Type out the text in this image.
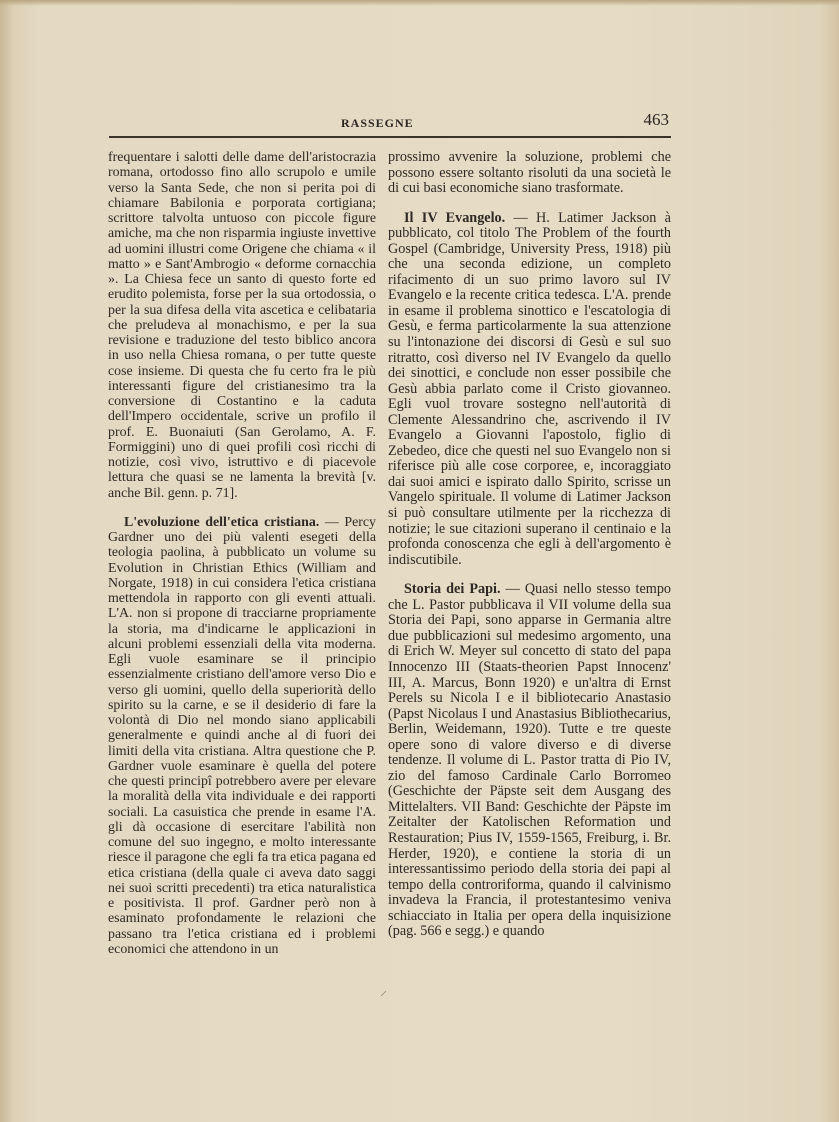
RASSEGNE	463

frequentare i salotti delle dame dell'aristocrazia romana, ortodosso fino allo scrupolo e umile verso la Santa Sede, che non si perita poi di chiamare Babilonia e porporata cortigiana; scrittore talvolta untuoso con piccole figure amiche, ma che non risparmia ingiuste invettive ad uomini illustri come Origene che chiama « il matto » e Sant'Ambrogio « deforme cornacchia ». La Chiesa fece un santo di questo forte ed erudito polemista, forse per la sua ortodossia, o per la sua difesa della vita ascetica e celibataria che preludeva al monachismo, e per la sua revisione e traduzione del testo biblico ancora in uso nella Chiesa romana, o per tutte queste cose insieme. Di questa che fu certo fra le più interessanti figure del cristianesimo tra la conversione di Costantino e la caduta dell'Impero occidentale, scrive un profilo il prof. E. Buonaiuti (San Gerolamo, A. F. Formiggini) uno di quei profili così ricchi di notizie, così vivo, istruttivo e di piacevole lettura che quasi se ne lamenta la brevità [v. anche Bil. genn. p. 71].

L'evoluzione dell'etica cristiana. — Percy Gardner uno dei più valenti esegeti della teologia paolina, à pubblicato un volume su Evolution in Christian Ethics (William and Norgate, 1918) in cui considera l'etica cristiana mettendola in rapporto con gli eventi attuali. L'A. non si propone di tracciarne propriamente la storia, ma d'indicarne le applicazioni in alcuni problemi essenziali della vita moderna. Egli vuole esaminare se il principio essenzialmente cristiano dell'amore verso Dio e verso gli uomini, quello della superiorità dello spirito su la carne, e se il desiderio di fare la volontà di Dio nel mondo siano applicabili generalmente e quindi anche al di fuori dei limiti della vita cristiana. Altra questione che P. Gardner vuole esaminare è quella del potere che questi principî potrebbero avere per elevare la moralità della vita individuale e dei rapporti sociali. La casuistica che prende in esame l'A. gli dà occasione di esercitare l'abilità non comune del suo ingegno, e molto interessante riesce il paragone che egli fa tra etica pagana ed etica cristiana (della quale ci aveva dato saggi nei suoi scritti precedenti) tra etica naturalistica e positivista. Il prof. Gardner però non à esaminato profondamente le relazioni che passano tra l'etica cristiana ed i problemi economici che attendono in un

prossimo avvenire la soluzione, problemi che possono essere soltanto risoluti da una società le di cui basi economiche siano trasformate.

Il IV Evangelo. — H. Latimer Jackson à pubblicato, col titolo The Problem of the fourth Gospel (Cambridge, University Press, 1918) più che una seconda edizione, un completo rifacimento di un suo primo lavoro sul IV Evangelo e la recente critica tedesca. L'A. prende in esame il problema sinottico e l'escatologia di Gesù, e ferma particolarmente la sua attenzione su l'intonazione dei discorsi di Gesù e sul suo ritratto, così diverso nel IV Evangelo da quello dei sinottici, e conclude non esser possibile che Gesù abbia parlato come il Cristo giovanneo. Egli vuol trovare sostegno nell'autorità di Clemente Alessandrino che, ascrivendo il IV Evangelo a Giovanni l'apostolo, figlio di Zebedeo, dice che questi nel suo Evangelo non si riferisce più alle cose corporee, e, incoraggiato dai suoi amici e ispirato dallo Spirito, scrisse un Vangelo spirituale. Il volume di Latimer Jackson si può consultare utilmente per la ricchezza di notizie; le sue citazioni superano il centinaio e la profonda conoscenza che egli à dell'argomento è indiscutibile.

Storia dei Papi. — Quasi nello stesso tempo che L. Pastor pubblicava il VII volume della sua Storia dei Papi, sono apparse in Germania altre due pubblicazioni sul medesimo argomento, una di Erich W. Meyer sul concetto di stato del papa Innocenzo III (Staats-theorien Papst Innocenz' III, A. Marcus, Bonn 1920) e un'altra di Ernst Perels su Nicola I e il bibliotecario Anastasio (Papst Nicolaus I und Anastasius Bibliothecarius, Berlin, Weidemann, 1920). Tutte e tre queste opere sono di valore diverso e di diverse tendenze. Il volume di L. Pastor tratta di Pio IV, zio del famoso Cardinale Carlo Borromeo (Geschichte der Päpste seit dem Ausgang des Mittelalters. VII Band: Geschichte der Päpste im Zeitalter der Katolischen Reformation und Restauration; Pius IV, 1559-1565, Freiburg, i. Br. Herder, 1920), e contiene la storia di un interessantissimo periodo della storia dei papi al tempo della controriforma, quando il calvinismo invadeva la Francia, il protestantesimo veniva schiacciato in Italia per opera della inquisizione (pag. 566 e segg.) e quando

⸝
